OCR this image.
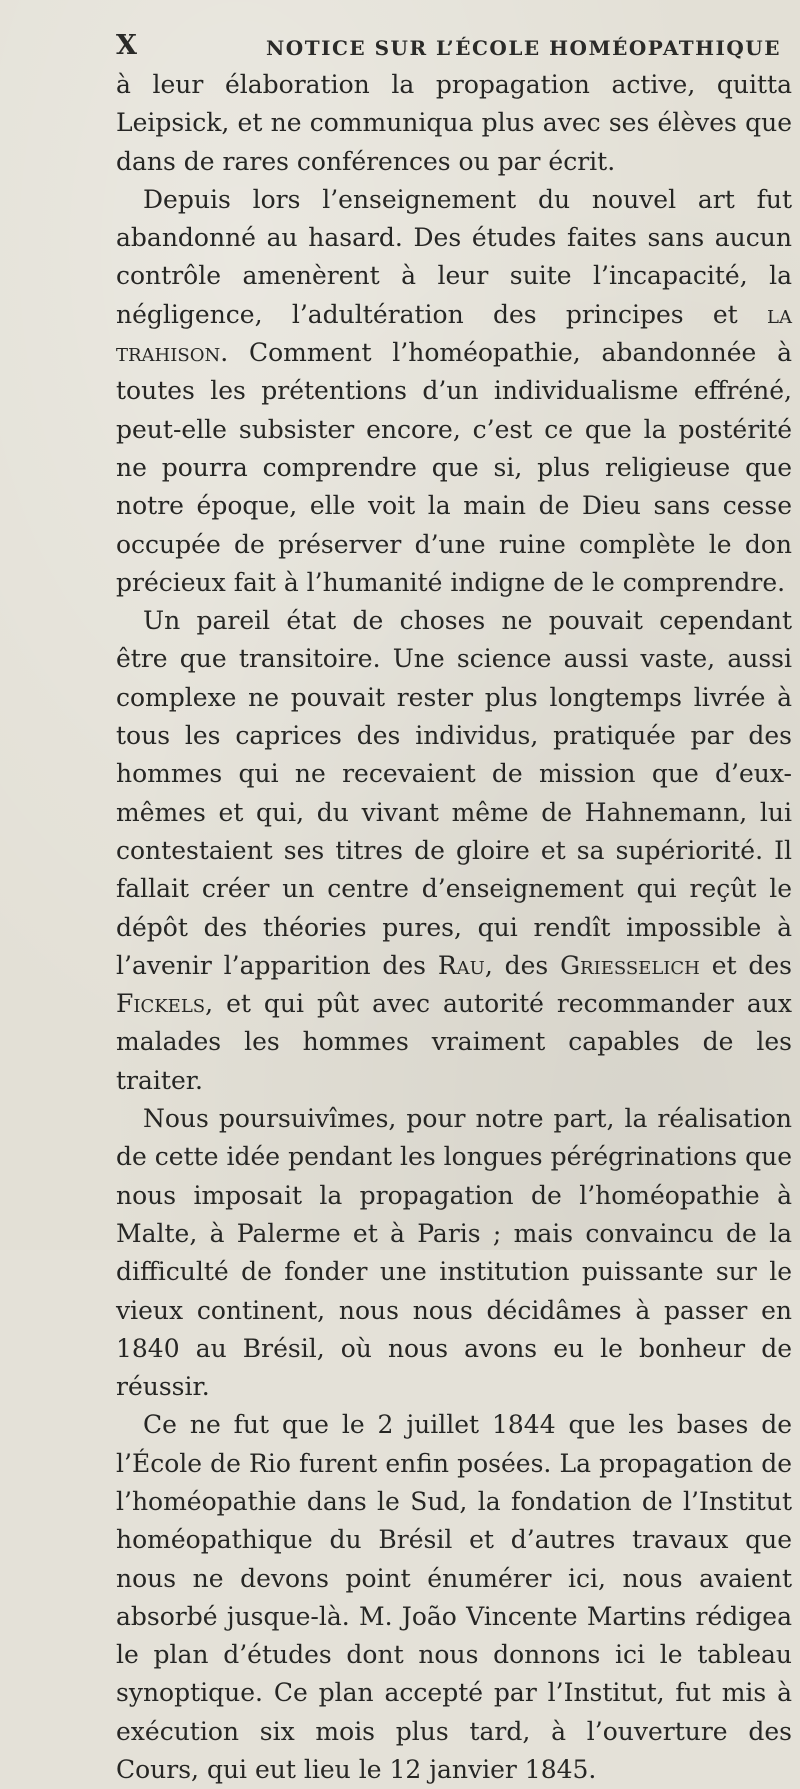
X	NOTICE SUR L’ÉCOLE HOMÉOPATHIQUE

à leur élaboration la propagation active, quitta Leipsick, et ne communiqua plus avec ses élèves que dans de rares conférences ou par écrit.

Depuis lors l’enseignement du nouvel art fut abandonné au hasard. Des études faites sans aucun contrôle amenèrent à leur suite l’incapacité, la négligence, l’adultération des principes et la trahison. Comment l’homéopathie, abandonnée à toutes les prétentions d’un individualisme effréné, peut-elle subsister encore, c’est ce que la postérité ne pourra comprendre que si, plus religieuse que notre époque, elle voit la main de Dieu sans cesse occupée de préserver d’une ruine complète le don précieux fait à l’humanité indigne de le comprendre.

Un pareil état de choses ne pouvait cependant être que transitoire. Une science aussi vaste, aussi complexe ne pouvait rester plus longtemps livrée à tous les caprices des individus, pratiquée par des hommes qui ne recevaient de mission que d’eux-mêmes et qui, du vivant même de Hahnemann, lui contestaient ses titres de gloire et sa supériorité. Il fallait créer un centre d’enseignement qui reçût le dépôt des théories pures, qui rendît impossible à l’avenir l’apparition des Rau, des Griesselich et des Fickels, et qui pût avec autorité recommander aux malades les hommes vraiment capables de les traiter.

Nous poursuivîmes, pour notre part, la réalisation de cette idée pendant les longues pérégrinations que nous imposait la propagation de l’homéopathie à Malte, à Palerme et à Paris ; mais convaincu de la difficulté de fonder une institution puissante sur le vieux continent, nous nous décidâmes à passer en 1840 au Brésil, où nous avons eu le bonheur de réussir.

Ce ne fut que le 2 juillet 1844 que les bases de l’École de Rio furent enfin posées. La propagation de l’homéopathie dans le Sud, la fondation de l’Institut homéopathique du Brésil et d’autres travaux que nous ne devons point énumérer ici, nous avaient absorbé jusque-là. M. João Vincente Martins rédigea le plan d’études dont nous donnons ici le tableau synoptique. Ce plan accepté par l’Institut, fut mis à exécution six mois plus tard, à l’ouverture des Cours, qui eut lieu le 12 janvier 1845.
